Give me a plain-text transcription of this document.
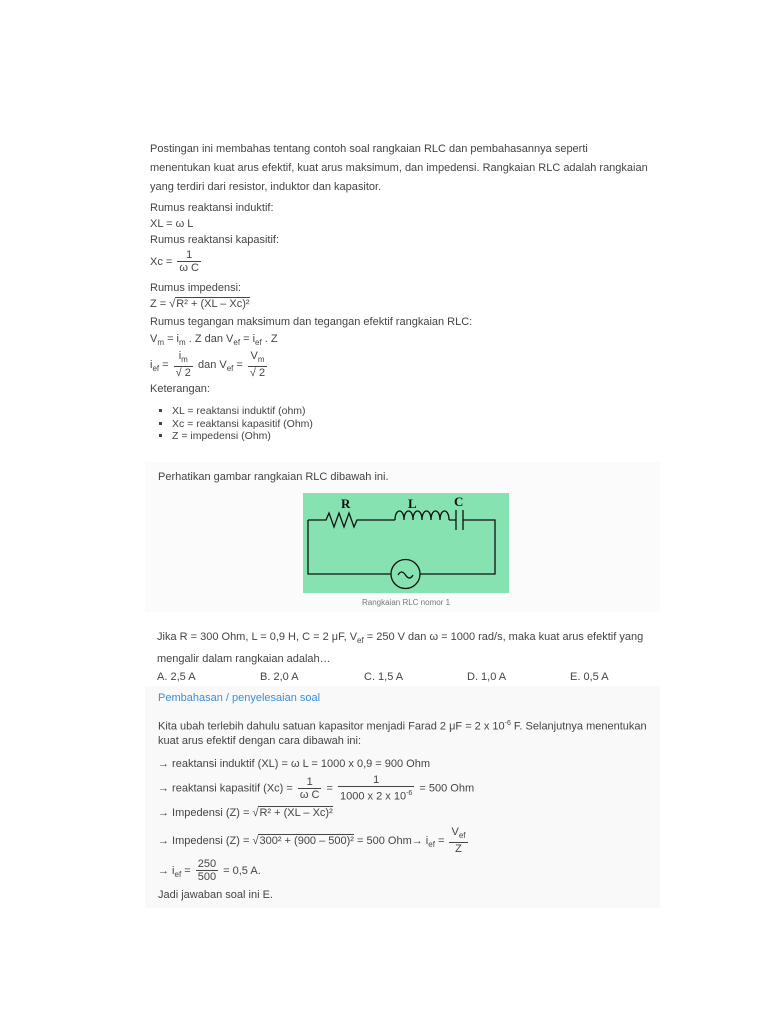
Postingan ini membahas tentang contoh soal rangkaian RLC dan pembahasannya seperti menentukan kuat arus efektif, kuat arus maksimum, dan impedensi. Rangkaian RLC adalah rangkaian yang terdiri dari resistor, induktor dan kapasitor.
Rumus reaktansi induktif:
XL = ω L
Rumus reaktansi kapasitif:
$Xc = \frac{1}{\text{ω C}}$
Rumus impedensi:
Z = √R² + (XL – Xc)²
Rumus tegangan maksimum dan tegangan efektif rangkaian RLC:
$V_m = i_m$ . Z dan $V_{ef} = i_{ef}$ . Z
$i_{ef} = \frac{i_m}{√ 2}$ dan $V_{ef} = \frac{V_m}{√ 2}$
Keterangan:
▪ XL = reaktansi induktif (ohm)
▪ Xc = reaktansi kapasitif (Ohm)
▪ Z = impedensi (Ohm)
Perhatikan gambar rangkaian RLC dibawah ini.
R	L	C
Rangkaian RLC nomor 1
Jika R = 300 Ohm, L = 0,9 H, C = 2 μF, $V_{ef} = 250$ V dan ω = 1000 rad/s, maka kuat arus efektif yang mengalir dalam rangkaian adalah…
A. 2,5 A	B. 2,0 A	C. 1,5 A	D. 1,0 A	E. 0,5 A
Pembahasan / penyelesaian soal
Kita ubah terlebih dahulu satuan kapasitor menjadi Farad 2 μF = 2 x $10^{-6}$ F. Selanjutnya menentukan
kuat arus efektif dengan cara dibawah ini:
→ reaktansi induktif (XL) = ω L = 1000 x 0,9 = 900 Ohm
→ reaktansi kapasitif $(Xc) = \frac{1}{\text{ω C}} = \frac{1}{1000 x 2 x 10^{-6}} = 500$ Ohm
→ Impedensi (Z) = √R² + (XL – Xc)²
→ Impedensi (Z) = √300² + (900 – 500)² = 500 $Ohm\to i_{ef} = \frac{V_{ef}}{Z}$
→ $i_{ef} = \frac{250}{500} = 0,5$ A.
Jadi jawaban soal ini E.
